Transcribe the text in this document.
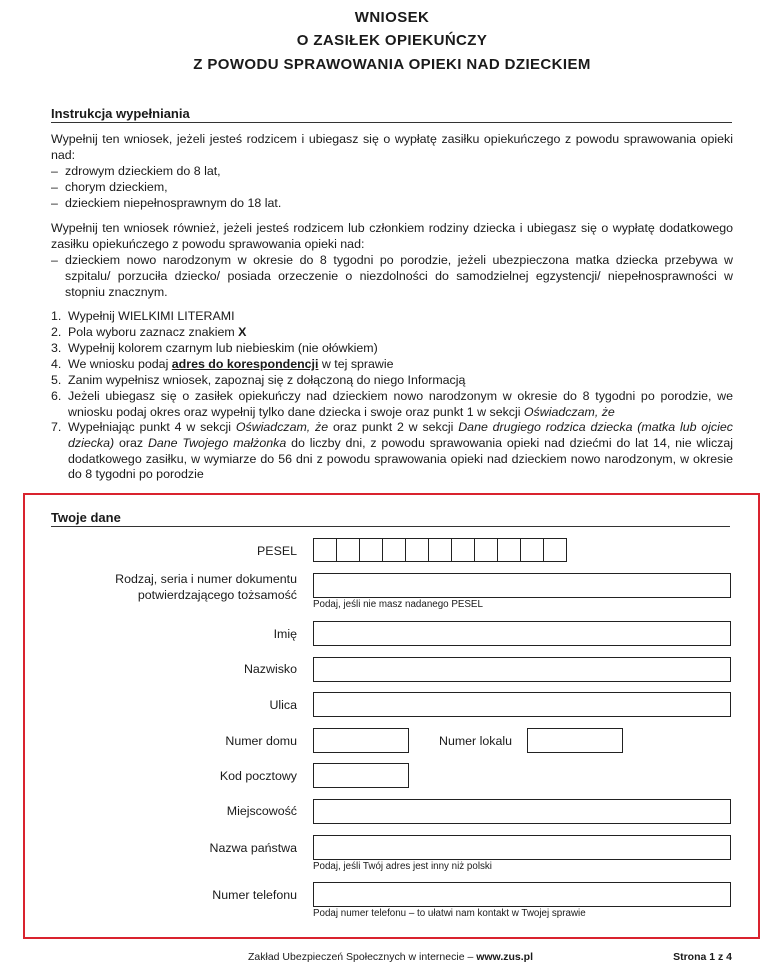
WNIOSEK
O ZASIŁEK OPIEKUŃCZY
Z POWODU SPRAWOWANIA OPIEKI NAD DZIECKIEM
Instrukcja wypełniania
Wypełnij ten wniosek, jeżeli jesteś rodzicem i ubiegasz się o wypłatę zasiłku opiekuńczego z powodu sprawowania opieki nad:
– zdrowym dzieckiem do 8 lat,
– chorym dzieckiem,
– dzieckiem niepełnosprawnym do 18 lat.
Wypełnij ten wniosek również, jeżeli jesteś rodzicem lub członkiem rodziny dziecka i ubiegasz się o wypłatę dodatkowego zasiłku opiekuńczego z powodu sprawowania opieki nad:
– dzieckiem nowo narodzonym w okresie do 8 tygodni po porodzie, jeżeli ubezpieczona matka dziecka przebywa w szpitalu/ porzuciła dziecko/ posiada orzeczenie o niezdolności do samodzielnej egzystencji/ niepełnosprawności w stopniu znacznym.
1. Wypełnij WIELKIMI LITERAMI
2. Pola wyboru zaznacz znakiem X
3. Wypełnij kolorem czarnym lub niebieskim (nie ołówkiem)
4. We wniosku podaj adres do korespondencji w tej sprawie
5. Zanim wypełnisz wniosek, zapoznaj się z dołączoną do niego Informacją
6. Jeżeli ubiegasz się o zasiłek opiekuńczy nad dzieckiem nowo narodzonym w okresie do 8 tygodni po porodzie, we wniosku podaj okres oraz wypełnij tylko dane dziecka i swoje oraz punkt 1 w sekcji Oświadczam, że
7. Wypełniając punkt 4 w sekcji Oświadczam, że oraz punkt 2 w sekcji Dane drugiego rodzica dziecka (matka lub ojciec dziecka) oraz Dane Twojego małżonka do liczby dni, z powodu sprawowania opieki nad dziećmi do lat 14, nie wliczaj dodatkowego zasiłku, w wymiarze do 56 dni z powodu sprawowania opieki nad dzieckiem nowo narodzonym, w okresie do 8 tygodni po porodzie
Twoje dane
PESEL
Rodzaj, seria i numer dokumentu
potwierdzającego tożsamość
Podaj, jeśli nie masz nadanego PESEL
Imię
Nazwisko
Ulica
Numer domu	Numer lokalu
Kod pocztowy
Miejscowość
Nazwa państwa
Podaj, jeśli Twój adres jest inny niż polski
Numer telefonu
Podaj numer telefonu – to ułatwi nam kontakt w Twojej sprawie
Zakład Ubezpieczeń Społecznych w internecie – www.zus.pl	Strona 1 z 4
